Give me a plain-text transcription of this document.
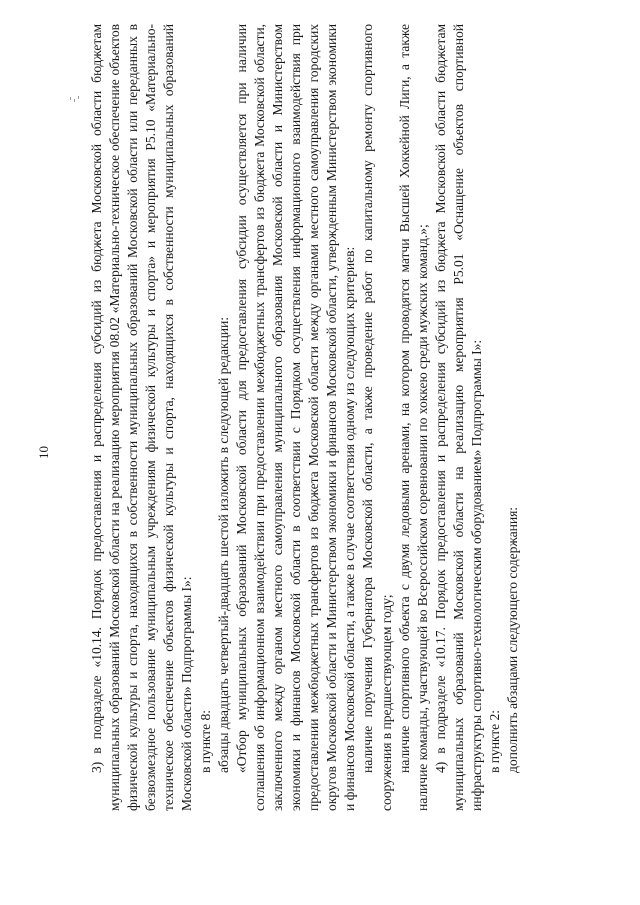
10	3) в подразделе «10.14. Порядок предоставления и распределения субсидий из бюджета Московской области бюджетам муниципальных образований Московской области на реализацию мероприятия 08.02 «Материально-техническое обеспечение объектов физической культуры и спорта, находящихся в собственности муниципальных образований Московской области или переданных в безвозмездное пользование муниципальным учреждениям физической культуры и спорта» и мероприятия Р5.10 «Материально-техническое обеспечение объектов физической культуры и спорта, находящихся в собственности муниципальных образований Московской области» Подпрограммы I»: в пункте 8: абзацы двадцать четвертый-двадцать шестой изложить в следующей редакции: «Отбор муниципальных образований Московской области для предоставления субсидии осуществляется при наличии соглашения об информационном взаимодействии при предоставлении межбюджетных трансфертов из бюджета Московской области, заключенного между органом местного самоуправления муниципального образования Московской области и Министерством экономики и финансов Московской области в соответствии с Порядком осуществления информационного взаимодействия при предоставлении межбюджетных трансфертов из бюджета Московской области между органами местного самоуправления городских округов Московской области и Министерством экономики и финансов Московской области, утвержденным Министерством экономики и финансов Московской области, а также в случае соответствия одному из следующих критериев: наличие поручения Губернатора Московской области, а также проведение работ по капитальному ремонту спортивного сооружения в предшествующем году; наличие спортивного объекта с двумя ледовыми аренами, на котором проводятся матчи Высшей Хоккейной Лиги, а также наличие команды, участвующей во Всероссийском соревновании по хоккею среди мужских команд.»; 4) в подразделе «10.17. Порядок предоставления и распределения субсидий из бюджета Московской области бюджетам муниципальных образований Московской области на реализацию мероприятия Р5.01 «Оснащение объектов спортивной инфраструктуры спортивно-технологическим оборудованием» Подпрограммы I»: в пункте 2: дополнить абзацами следующего содержания:
